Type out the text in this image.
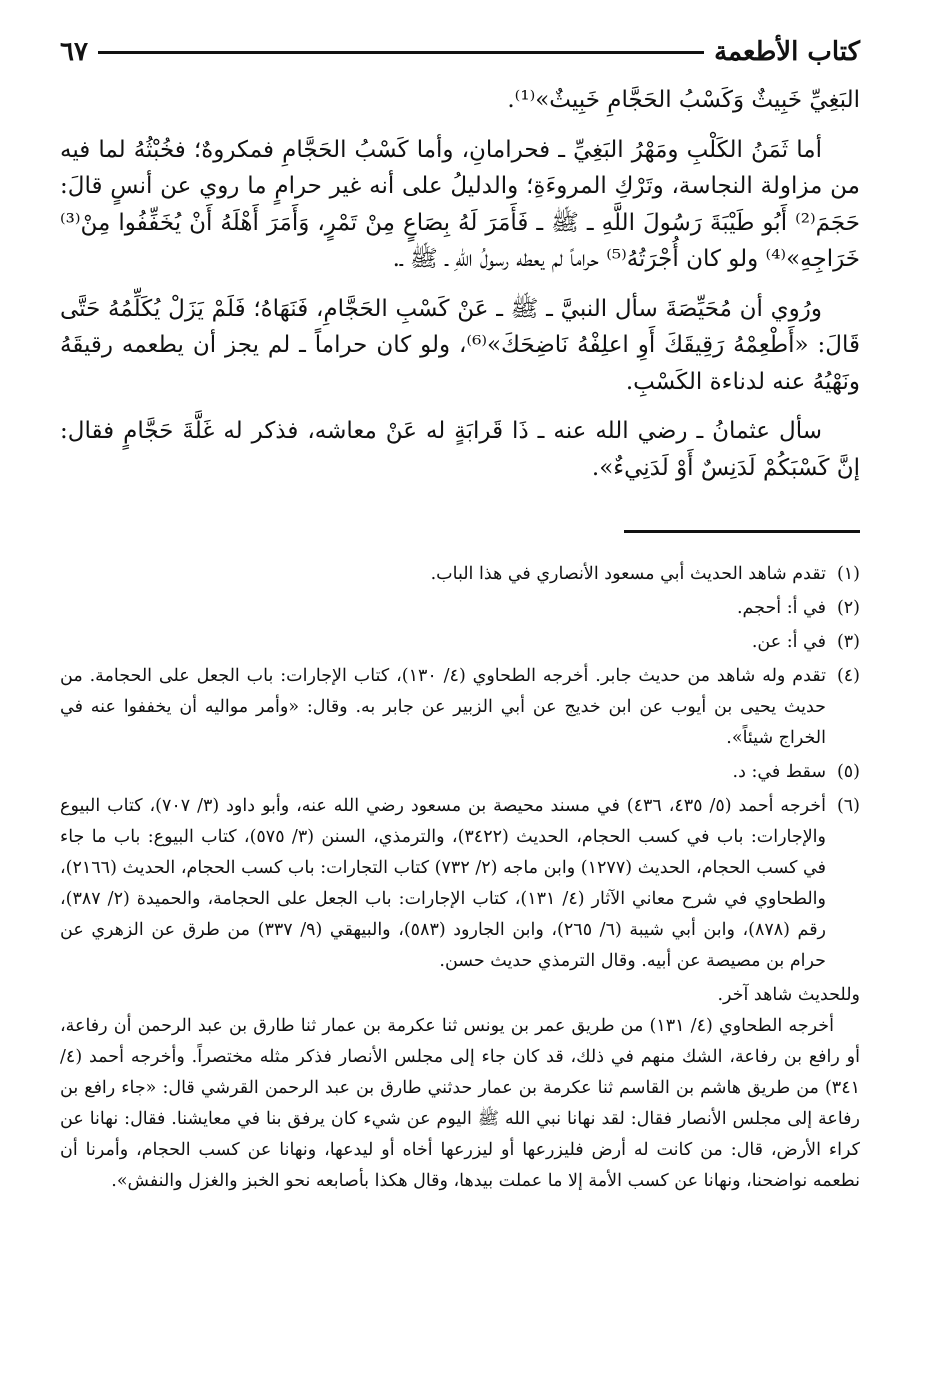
كتاب الأطعمة
٦٧

البَغِيِّ خَبِيثٌ وَكَسْبُ الحَجَّامِ خَبِيثٌ»⁽¹⁾.

أما ثَمَنُ الكَلْبِ ومَهْرُ البَغِيِّ ـ فحرامانِ، وأما كَسْبُ الحَجَّامِ فمكروهٌ؛ فخُبْثُهُ لما فيه من مزاولة النجاسة، وتَرْكِ المروءَةِ؛ والدليلُ على أنه غير حرامٍ ما روي عن أنسٍ قالَ: حَجَمَ⁽²⁾ أَبُو طَيْبَةَ رَسُولَ اللَّهِ ـ ﷺ ـ فَأَمَرَ لَهُ بِصَاعٍ مِنْ تَمْرٍ، وَأَمَرَ أَهْلَهُ أَنْ يُخَفِّفُوا مِنْ⁽³⁾ خَرَاجِهِ»⁽⁴⁾ ولو كان أُجْرَتُهُ⁽⁵⁾ حراماً لم يعطه رسولُ اللهِ ـ ﷺ ـ.

ورُوي أن مُحَيِّصَةَ سأل النبيَّ ـ ﷺ ـ عَنْ كَسْبِ الحَجَّامِ، فَنَهَاهُ؛ فَلَمْ يَزَلْ يُكَلِّمُهُ حَتَّى قَالَ: «أَطْعِمْهُ رَقِيقَكَ أَوِ اعلِفْهُ نَاضِحَكَ»⁽⁶⁾، ولو كان حراماً ـ لم يجز أن يطعمه رقيقَهُ ونَهْيُهُ عنه لدناءة الكَسْبِ.

سأل عثمانُ ـ رضي الله عنه ـ ذَا قَرابَةٍ له عَنْ معاشه، فذكر له غَلَّةَ حَجَّامٍ فقال: إنَّ كَسْبَكُمْ لَدَنِسٌ أَوْ لَدَنِيءٌ».

(١)
تقدم شاهد الحديث أبي مسعود الأنصاري في هذا الباب.
(٢)
في أ: أحجم.
(٣)
في أ: عن.
(٤)
تقدم وله شاهد من حديث جابر. أخرجه الطحاوي (٤/ ١٣٠)، كتاب الإجارات: باب الجعل على الحجامة. من حديث يحيى بن أيوب عن ابن خديج عن أبي الزبير عن جابر به. وقال: «وأمر مواليه أن يخففوا عنه في الخراج شيئاً».
(٥)
سقط في: د.
(٦)
أخرجه أحمد (٥/ ٤٣٥، ٤٣٦) في مسند محيصة بن مسعود رضي الله عنه، وأبو داود (٣/ ٧٠٧)، كتاب البيوع والإجارات: باب في كسب الحجام، الحديث (٣٤٢٢)، والترمذي، السنن (٣/ ٥٧٥)، كتاب البيوع: باب ما جاء في كسب الحجام، الحديث (١٢٧٧) وابن ماجه (٢/ ٧٣٢) كتاب التجارات: باب كسب الحجام، الحديث (٢١٦٦)، والطحاوي في شرح معاني الآثار (٤/ ١٣١)، كتاب الإجارات: باب الجعل على الحجامة، والحميدة (٢/ ٣٨٧)، رقم (٨٧٨)، وابن أبي شيبة (٦/ ٢٦٥)، وابن الجارود (٥٨٣)، والبيهقي (٩/ ٣٣٧) من طرق عن الزهري عن حرام بن مصيصة عن أبيه. وقال الترمذي حديث حسن.

وللحديث شاهد آخر.

أخرجه الطحاوي (٤/ ١٣١) من طريق عمر بن يونس ثنا عكرمة بن عمار ثنا طارق بن عبد الرحمن أن رفاعة، أو رافع بن رفاعة، الشك منهم في ذلك، قد كان جاء إلى مجلس الأنصار فذكر مثله مختصراً. وأخرجه أحمد (٤/ ٣٤١) من طريق هاشم بن القاسم ثنا عكرمة بن عمار حدثني طارق بن عبد الرحمن القرشي قال: «جاء رافع بن رفاعة إلى مجلس الأنصار فقال: لقد نهانا نبي الله ﷺ اليوم عن شيء كان يرفق بنا في معايشنا. فقال: نهانا عن كراء الأرض، قال: من كانت له أرض فليزرعها أو ليزرعها أخاه أو ليدعها، ونهانا عن كسب الحجام، وأمرنا أن نطعمه نواضحنا، ونهانا عن كسب الأمة إلا ما عملت بيدها، وقال هكذا بأصابعه نحو الخبز والغزل والنفش».
